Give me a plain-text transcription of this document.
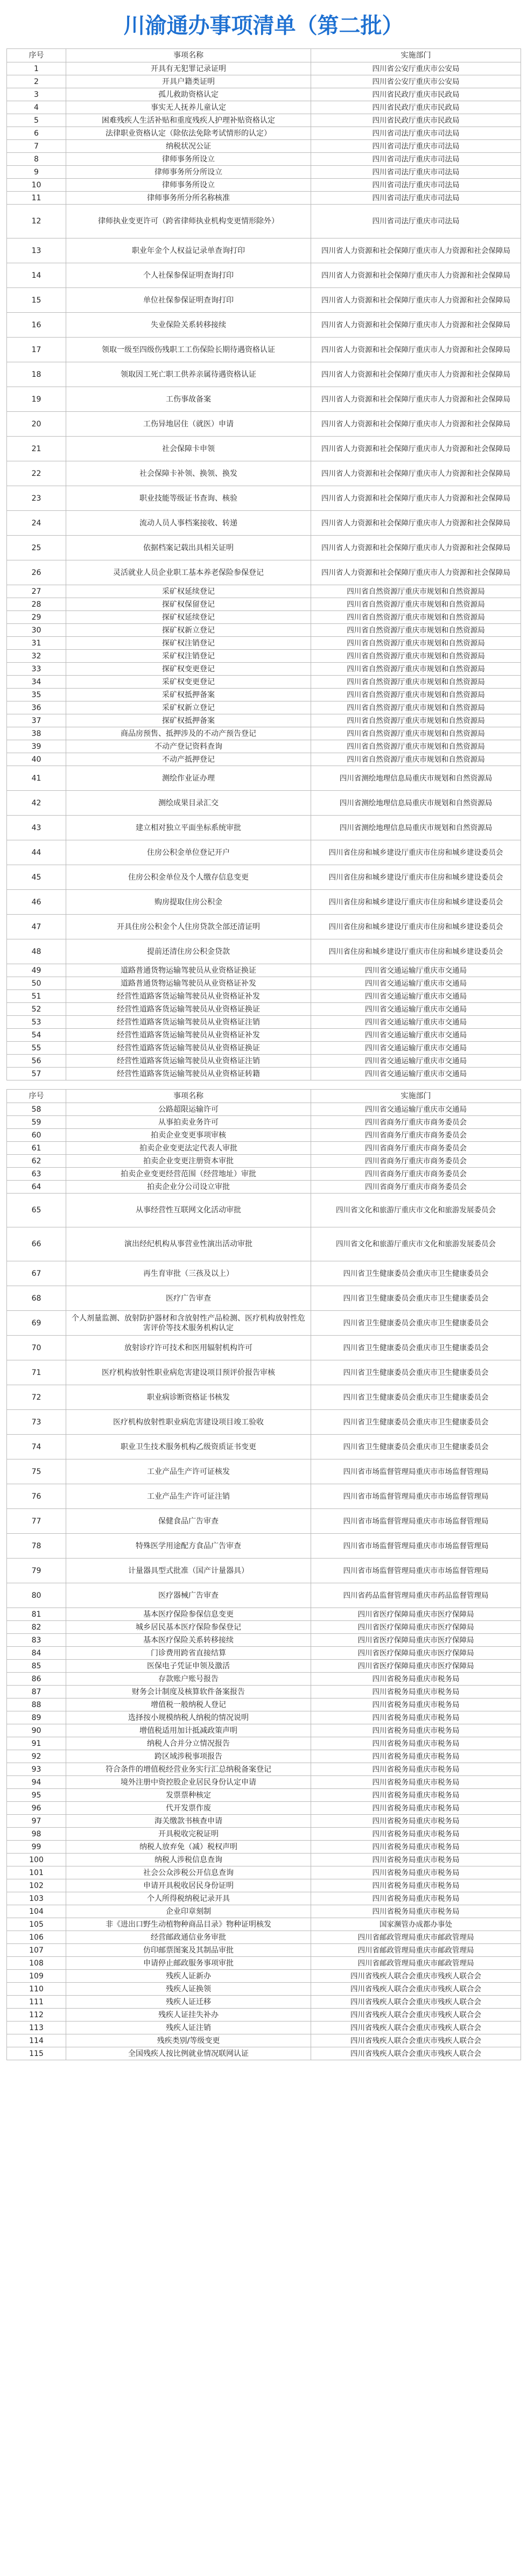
川渝通办事项清单（第二批）
序号	事项名称	实施部门
1	开具有无犯罪记录证明	四川省公安厅重庆市公安局
2	开具户籍类证明	四川省公安厅重庆市公安局
3	孤儿救助资格认定	四川省民政厅重庆市民政局
4	事实无人抚养儿童认定	四川省民政厅重庆市民政局
5	困难残疾人生活补贴和重度残疾人护理补贴资格认定	四川省民政厅重庆市民政局
6	法律职业资格认定（除依法免除考试情形的认定）	四川省司法厅重庆市司法局
7	纳税状况公证	四川省司法厅重庆市司法局
8	律师事务所设立	四川省司法厅重庆市司法局
9	律师事务所分所设立	四川省司法厅重庆市司法局
10	律师事务所设立	四川省司法厅重庆市司法局
11	律师事务所分所名称核准	四川省司法厅重庆市司法局
12	律师执业变更许可（跨省律师执业机构变更情形除外）	四川省司法厅重庆市司法局
13	职业年金个人权益记录单查询打印	四川省人力资源和社会保障厅重庆市人力资源和社会保障局
14	个人社保参保证明查询打印	四川省人力资源和社会保障厅重庆市人力资源和社会保障局
15	单位社保参保证明查询打印	四川省人力资源和社会保障厅重庆市人力资源和社会保障局
16	失业保险关系转移接续	四川省人力资源和社会保障厅重庆市人力资源和社会保障局
17	领取一级至四级伤残职工工伤保险长期待遇资格认证	四川省人力资源和社会保障厅重庆市人力资源和社会保障局
18	领取因工死亡职工供养亲属待遇资格认证	四川省人力资源和社会保障厅重庆市人力资源和社会保障局
19	工伤事故备案	四川省人力资源和社会保障厅重庆市人力资源和社会保障局
20	工伤异地居住（就医）申请	四川省人力资源和社会保障厅重庆市人力资源和社会保障局
21	社会保障卡申领	四川省人力资源和社会保障厅重庆市人力资源和社会保障局
22	社会保障卡补领、换领、换发	四川省人力资源和社会保障厅重庆市人力资源和社会保障局
23	职业技能等级证书查询、核验	四川省人力资源和社会保障厅重庆市人力资源和社会保障局
24	流动人员人事档案接收、转递	四川省人力资源和社会保障厅重庆市人力资源和社会保障局
25	依据档案记载出具相关证明	四川省人力资源和社会保障厅重庆市人力资源和社会保障局
26	灵活就业人员企业职工基本养老保险参保登记	四川省人力资源和社会保障厅重庆市人力资源和社会保障局
27	采矿权延续登记	四川省自然资源厅重庆市规划和自然资源局
28	探矿权保留登记	四川省自然资源厅重庆市规划和自然资源局
29	探矿权延续登记	四川省自然资源厅重庆市规划和自然资源局
30	探矿权新立登记	四川省自然资源厅重庆市规划和自然资源局
31	探矿权注销登记	四川省自然资源厅重庆市规划和自然资源局
32	采矿权注销登记	四川省自然资源厅重庆市规划和自然资源局
33	探矿权变更登记	四川省自然资源厅重庆市规划和自然资源局
34	采矿权变更登记	四川省自然资源厅重庆市规划和自然资源局
35	采矿权抵押备案	四川省自然资源厅重庆市规划和自然资源局
36	采矿权新立登记	四川省自然资源厅重庆市规划和自然资源局
37	探矿权抵押备案	四川省自然资源厅重庆市规划和自然资源局
38	商品房预售、抵押涉及的不动产预告登记	四川省自然资源厅重庆市规划和自然资源局
39	不动产登记资料查询	四川省自然资源厅重庆市规划和自然资源局
40	不动产抵押登记	四川省自然资源厅重庆市规划和自然资源局
41	测绘作业证办理	四川省测绘地理信息局重庆市规划和自然资源局
42	测绘成果目录汇交	四川省测绘地理信息局重庆市规划和自然资源局
43	建立相对独立平面坐标系统审批	四川省测绘地理信息局重庆市规划和自然资源局
44	住房公积金单位登记开户	四川省住房和城乡建设厅重庆市住房和城乡建设委员会
45	住房公积金单位及个人缴存信息变更	四川省住房和城乡建设厅重庆市住房和城乡建设委员会
46	购房提取住房公积金	四川省住房和城乡建设厅重庆市住房和城乡建设委员会
47	开具住房公积金个人住房贷款全部还清证明	四川省住房和城乡建设厅重庆市住房和城乡建设委员会
48	提前还清住房公积金贷款	四川省住房和城乡建设厅重庆市住房和城乡建设委员会
49	道路普通货物运输驾驶员从业资格证换证	四川省交通运输厅重庆市交通局
50	道路普通货物运输驾驶员从业资格证补发	四川省交通运输厅重庆市交通局
51	经营性道路客货运输驾驶员从业资格证补发	四川省交通运输厅重庆市交通局
52	经营性道路客货运输驾驶员从业资格证换证	四川省交通运输厅重庆市交通局
53	经营性道路客货运输驾驶员从业资格证注销	四川省交通运输厅重庆市交通局
54	经营性道路客货运输驾驶员从业资格证补发	四川省交通运输厅重庆市交通局
55	经营性道路客货运输驾驶员从业资格证换证	四川省交通运输厅重庆市交通局
56	经营性道路客货运输驾驶员从业资格证注销	四川省交通运输厅重庆市交通局
57	经营性道路客货运输驾驶员从业资格证转籍	四川省交通运输厅重庆市交通局
序号	事项名称	实施部门
58	公路超限运输许可	四川省交通运输厅重庆市交通局
59	从事拍卖业务许可	四川省商务厅重庆市商务委员会
60	拍卖企业变更事项审核	四川省商务厅重庆市商务委员会
61	拍卖企业变更法定代表人审批	四川省商务厅重庆市商务委员会
62	拍卖企业变更注册资本审批	四川省商务厅重庆市商务委员会
63	拍卖企业变更经营范围（经营地址）审批	四川省商务厅重庆市商务委员会
64	拍卖企业分公司设立审批	四川省商务厅重庆市商务委员会
65	从事经营性互联网文化活动审批	四川省文化和旅游厅重庆市文化和旅游发展委员会
66	演出经纪机构从事营业性演出活动审批	四川省文化和旅游厅重庆市文化和旅游发展委员会
67	再生育审批（三孩及以上）	四川省卫生健康委员会重庆市卫生健康委员会
68	医疗广告审查	四川省卫生健康委员会重庆市卫生健康委员会
69	个人剂量监测、放射防护器材和含放射性产品检测、医疗机构放射性危害评价等技术服务机构认定	四川省卫生健康委员会重庆市卫生健康委员会
70	放射诊疗许可技术和医用辐射机构许可	四川省卫生健康委员会重庆市卫生健康委员会
71	医疗机构放射性职业病危害建设项目预评价报告审核	四川省卫生健康委员会重庆市卫生健康委员会
72	职业病诊断资格证书核发	四川省卫生健康委员会重庆市卫生健康委员会
73	医疗机构放射性职业病危害建设项目竣工验收	四川省卫生健康委员会重庆市卫生健康委员会
74	职业卫生技术服务机构乙级资质证书变更	四川省卫生健康委员会重庆市卫生健康委员会
75	工业产品生产许可证核发	四川省市场监督管理局重庆市市场监督管理局
76	工业产品生产许可证注销	四川省市场监督管理局重庆市市场监督管理局
77	保健食品广告审查	四川省市场监督管理局重庆市市场监督管理局
78	特殊医学用途配方食品广告审查	四川省市场监督管理局重庆市市场监督管理局
79	计量器具型式批准（国产计量器具）	四川省市场监督管理局重庆市市场监督管理局
80	医疗器械广告审查	四川省药品监督管理局重庆市药品监督管理局
81	基本医疗保险参保信息变更	四川省医疗保障局重庆市医疗保障局
82	城乡居民基本医疗保险参保登记	四川省医疗保障局重庆市医疗保障局
83	基本医疗保险关系转移接续	四川省医疗保障局重庆市医疗保障局
84	门诊费用跨省直接结算	四川省医疗保障局重庆市医疗保障局
85	医保电子凭证申领及激活	四川省医疗保障局重庆市医疗保障局
86	存款账户账号报告	四川省税务局重庆市税务局
87	财务会计制度及核算软件备案报告	四川省税务局重庆市税务局
88	增值税一般纳税人登记	四川省税务局重庆市税务局
89	选择按小规模纳税人纳税的情况说明	四川省税务局重庆市税务局
90	增值税适用加计抵减政策声明	四川省税务局重庆市税务局
91	纳税人合并分立情况报告	四川省税务局重庆市税务局
92	跨区域涉税事项报告	四川省税务局重庆市税务局
93	符合条件的增值税经营业务实行汇总纳税备案登记	四川省税务局重庆市税务局
94	境外注册中资控股企业居民身份认定申请	四川省税务局重庆市税务局
95	发票票种核定	四川省税务局重庆市税务局
96	代开发票作废	四川省税务局重庆市税务局
97	海关缴款书核查申请	四川省税务局重庆市税务局
98	开具税收完税证明	四川省税务局重庆市税务局
99	纳税人放弃免（减）税权声明	四川省税务局重庆市税务局
100	纳税人涉税信息查询	四川省税务局重庆市税务局
101	社会公众涉税公开信息查询	四川省税务局重庆市税务局
102	申请开具税收居民身份证明	四川省税务局重庆市税务局
103	个人所得税纳税记录开具	四川省税务局重庆市税务局
104	企业印章刻制	四川省税务局重庆市税务局
105	非《进出口野生动植物种商品目录》物种证明核发	国家濒管办成都办事处
106	经营邮政通信业务审批	四川省邮政管理局重庆市邮政管理局
107	仿印邮票图案及其制品审批	四川省邮政管理局重庆市邮政管理局
108	申请停止邮政服务事项审批	四川省邮政管理局重庆市邮政管理局
109	残疾人证新办	四川省残疾人联合会重庆市残疾人联合会
110	残疾人证换领	四川省残疾人联合会重庆市残疾人联合会
111	残疾人证迁移	四川省残疾人联合会重庆市残疾人联合会
112	残疾人证挂失补办	四川省残疾人联合会重庆市残疾人联合会
113	残疾人证注销	四川省残疾人联合会重庆市残疾人联合会
114	残疾类别/等级变更	四川省残疾人联合会重庆市残疾人联合会
115	全国残疾人按比例就业情况联网认证	四川省残疾人联合会重庆市残疾人联合会
